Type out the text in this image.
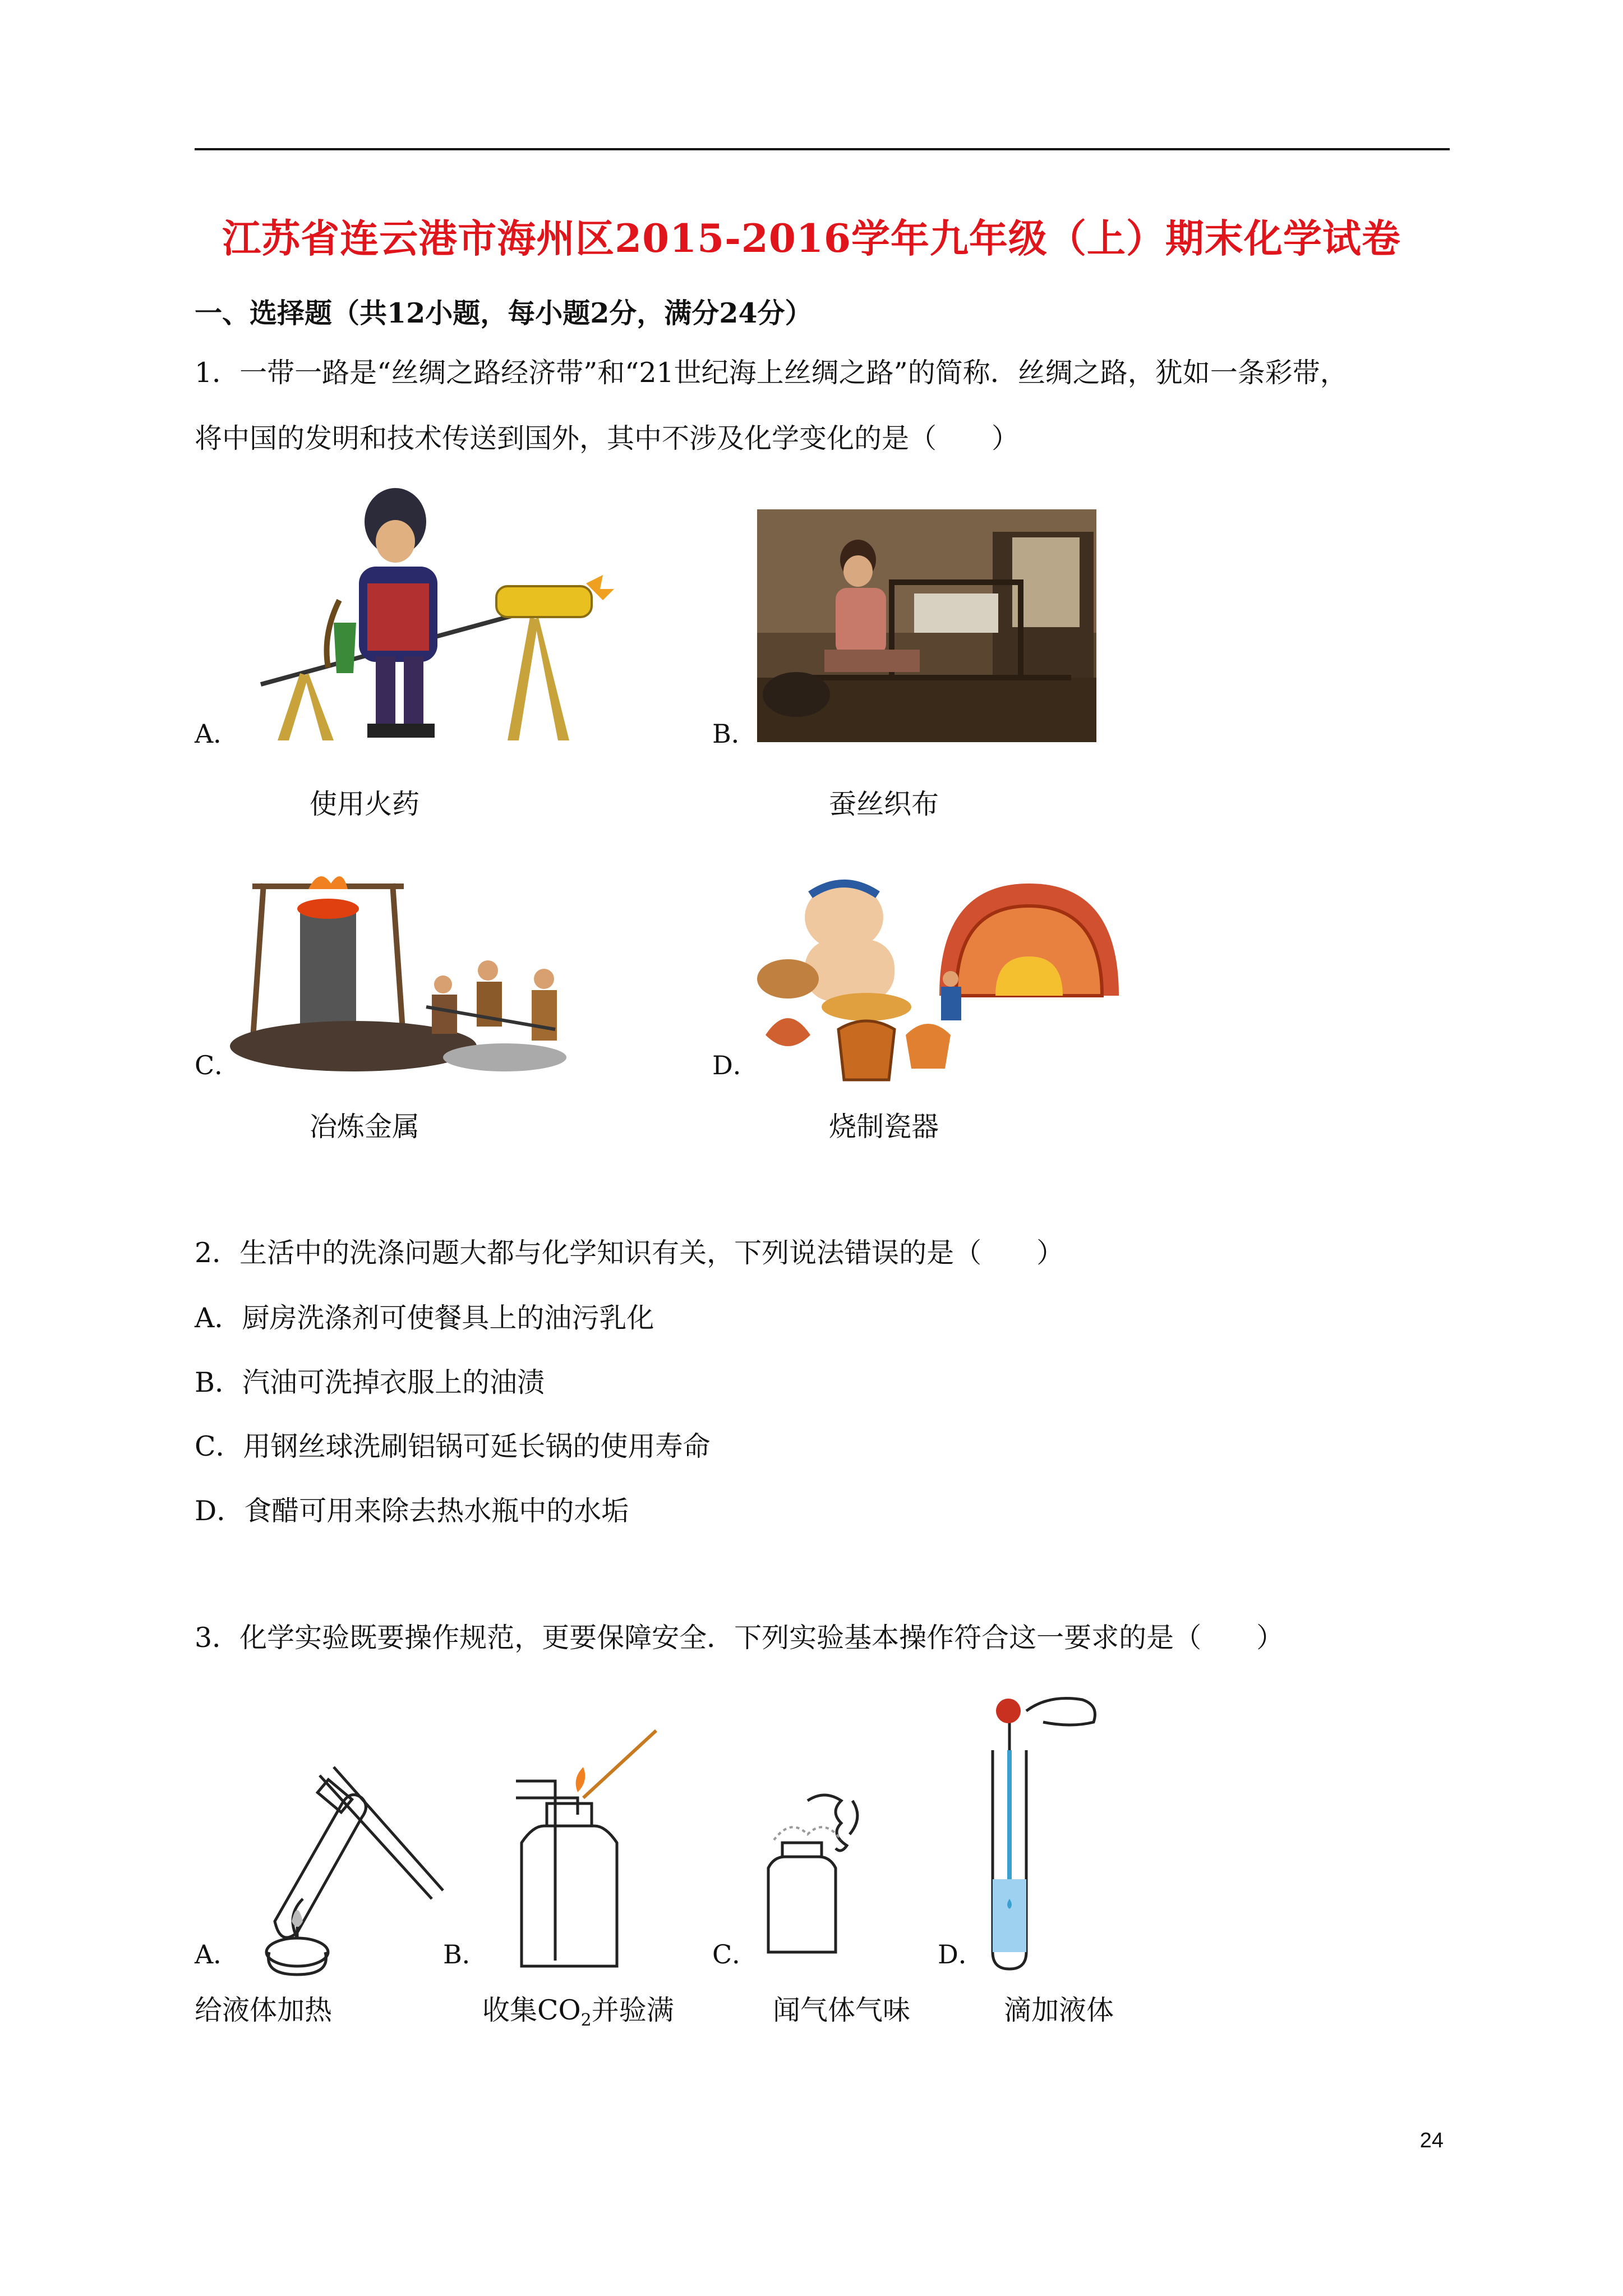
江苏省连云港市海州区2015-2016学年九年级（上）期末化学试卷
一、选择题（共12小题，每小题2分，满分24分）
1．一带一路是“丝绸之路经济带”和“21世纪海上丝绸之路”的简称．丝绸之路，犹如一条彩带，
将中国的发明和技术传送到国外，其中不涉及化学变化的是（　　）
A．
使用火药
B．
蚕丝织布
C．
冶炼金属
D．
烧制瓷器
2．生活中的洗涤问题大都与化学知识有关，下列说法错误的是（　　）
A．厨房洗涤剂可使餐具上的油污乳化
B．汽油可洗掉衣服上的油渍
C．用钢丝球洗刷铝锅可延长锅的使用寿命
D．食醋可用来除去热水瓶中的水垢
3．化学实验既要操作规范，更要保障安全．下列实验基本操作符合这一要求的是（　　）
A．
给液体加热
B．
收集$CO_2$并验满
C．
闻气体气味
D．
滴加液体
24
